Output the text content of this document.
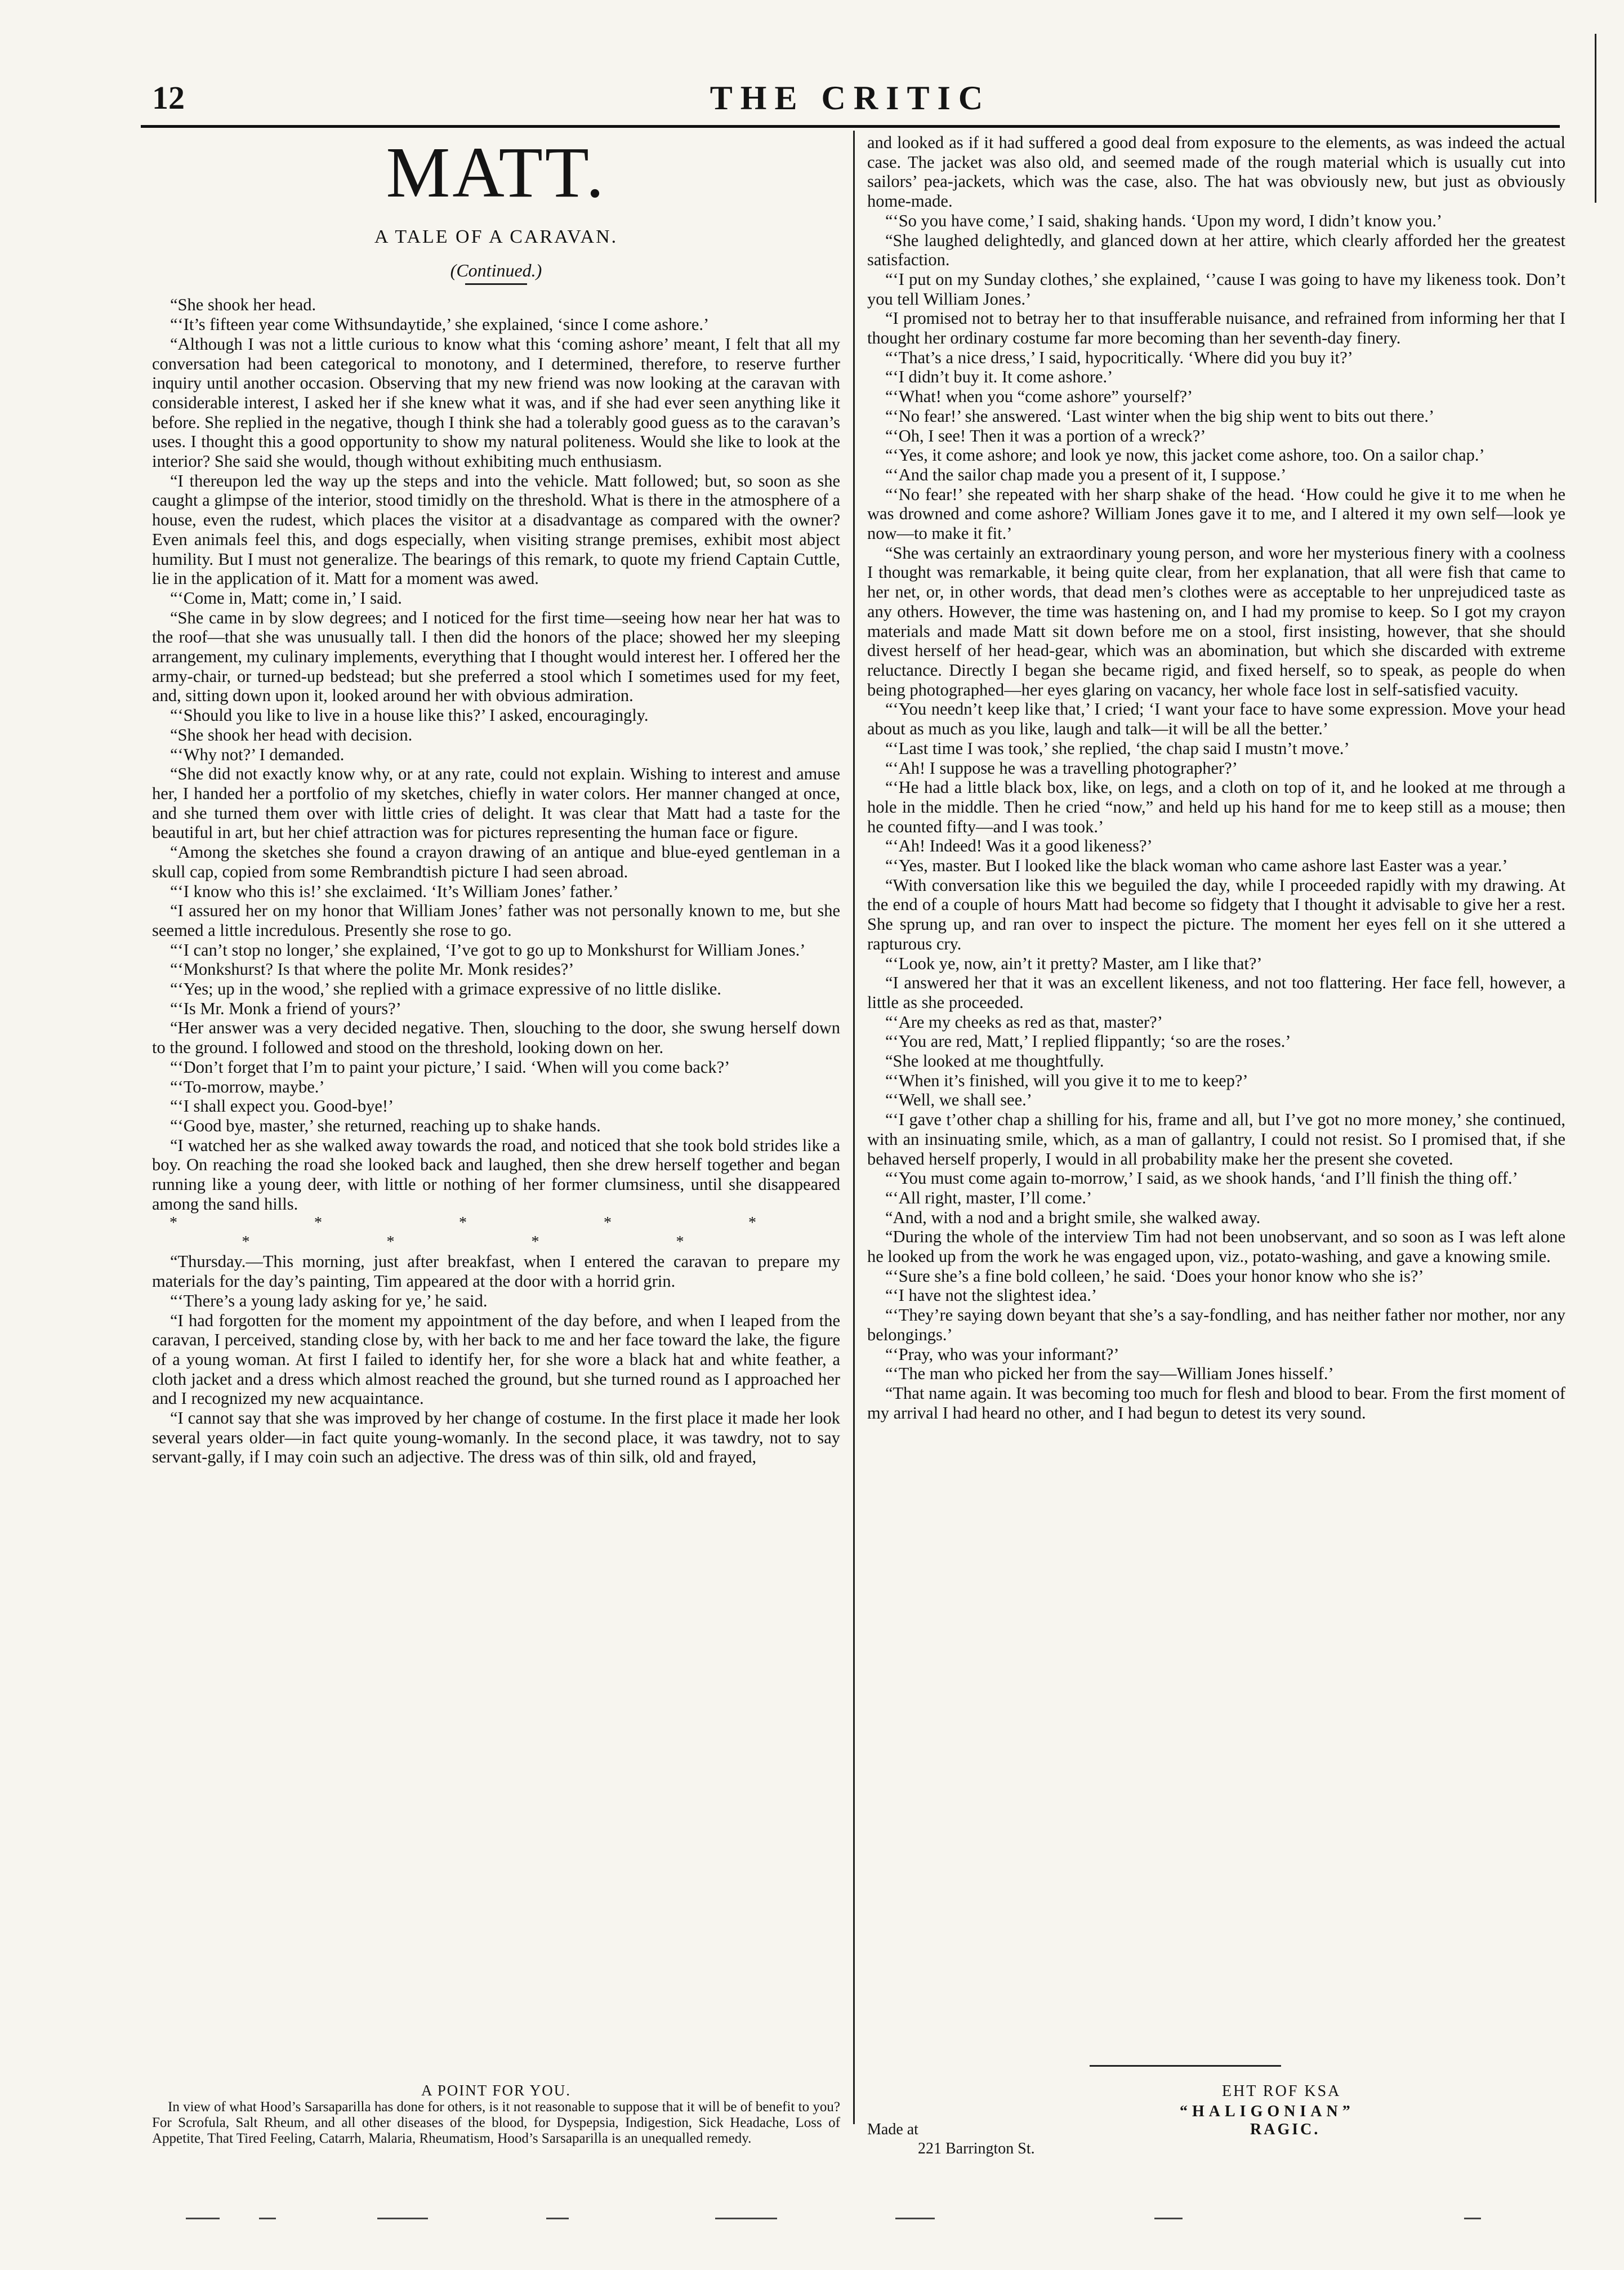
12	THE CRITIC
MATT.
A TALE OF A CARAVAN.

(Continued.)

“She shook her head.

“‘It’s fifteen year come Withsundaytide,’ she explained, ‘since I come ashore.’

“Although I was not a little curious to know what this ‘coming ashore’ meant, I felt that all my conversation had been categorical to monotony, and I determined, therefore, to reserve further inquiry until another occasion. Observing that my new friend was now looking at the caravan with considerable interest, I asked her if she knew what it was, and if she had ever seen anything like it before. She replied in the negative, though I think she had a tolerably good guess as to the caravan’s uses. I thought this a good opportunity to show my natural politeness. Would she like to look at the interior? She said she would, though without exhibiting much enthusiasm.

“I thereupon led the way up the steps and into the vehicle. Matt followed; but, so soon as she caught a glimpse of the interior, stood timidly on the threshold. What is there in the atmosphere of a house, even the rudest, which places the visitor at a disadvantage as compared with the owner? Even animals feel this, and dogs especially, when visiting strange premises, exhibit most abject humility. But I must not generalize. The bearings of this remark, to quote my friend Captain Cuttle, lie in the application of it. Matt for a moment was awed.

“‘Come in, Matt; come in,’ I said.

“She came in by slow degrees; and I noticed for the first time—seeing how near her hat was to the roof—that she was unusually tall. I then did the honors of the place; showed her my sleeping arrangement, my culinary implements, everything that I thought would interest her. I offered her the army-chair, or turned-up bedstead; but she preferred a stool which I sometimes used for my feet, and, sitting down upon it, looked around her with obvious admiration.

“‘Should you like to live in a house like this?’ I asked, encouragingly.

“She shook her head with decision.

“‘Why not?’ I demanded.

“She did not exactly know why, or at any rate, could not explain. Wishing to interest and amuse her, I handed her a portfolio of my sketches, chiefly in water colors. Her manner changed at once, and she turned them over with little cries of delight. It was clear that Matt had a taste for the beautiful in art, but her chief attraction was for pictures representing the human face or figure.

“Among the sketches she found a crayon drawing of an antique and blue-eyed gentleman in a skull cap, copied from some Rembrandtish picture I had seen abroad.

“‘I know who this is!’ she exclaimed. ‘It’s William Jones’ father.’

“I assured her on my honor that William Jones’ father was not personally known to me, but she seemed a little incredulous. Presently she rose to go.

“‘I can’t stop no longer,’ she explained, ‘I’ve got to go up to Monkshurst for William Jones.’

“‘Monkshurst? Is that where the polite Mr. Monk resides?’

“‘Yes; up in the wood,’ she replied with a grimace expressive of no little dislike.

“‘Is Mr. Monk a friend of yours?’

“Her answer was a very decided negative. Then, slouching to the door, she swung herself down to the ground. I followed and stood on the threshold, looking down on her.

“‘Don’t forget that I’m to paint your picture,’ I said. ‘When will you come back?’

“‘To-morrow, maybe.’

“‘I shall expect you. Good-bye!’

“‘Good bye, master,’ she returned, reaching up to shake hands.

“I watched her as she walked away towards the road, and noticed that she took bold strides like a boy. On reaching the road she looked back and laughed, then she drew herself together and began running like a young deer, with little or nothing of her former clumsiness, until she disappeared among the sand hills.

* * * * * * * * *

“Thursday.—This morning, just after breakfast, when I entered the caravan to prepare my materials for the day’s painting, Tim appeared at the door with a horrid grin.

“‘There’s a young lady asking for ye,’ he said.

“I had forgotten for the moment my appointment of the day before, and when I leaped from the caravan, I perceived, standing close by, with her back to me and her face toward the lake, the figure of a young woman. At first I failed to identify her, for she wore a black hat and white feather, a cloth jacket and a dress which almost reached the ground, but she turned round as I approached her and I recognized my new acquaintance.

“I cannot say that she was improved by her change of costume. In the first place it made her look several years older—in fact quite young-womanly. In the second place, it was tawdry, not to say servant-gally, if I may coin such an adjective. The dress was of thin silk, old and frayed,

and looked as if it had suffered a good deal from exposure to the elements, as was indeed the actual case. The jacket was also old, and seemed made of the rough material which is usually cut into sailors’ pea-jackets, which was the case, also. The hat was obviously new, but just as obviously home-made.

“‘So you have come,’ I said, shaking hands. ‘Upon my word, I didn’t know you.’

“She laughed delightedly, and glanced down at her attire, which clearly afforded her the greatest satisfaction.

“‘I put on my Sunday clothes,’ she explained, ‘’cause I was going to have my likeness took. Don’t you tell William Jones.’

“I promised not to betray her to that insufferable nuisance, and refrained from informing her that I thought her ordinary costume far more becoming than her seventh-day finery.

“‘That’s a nice dress,’ I said, hypocritically. ‘Where did you buy it?’

“‘I didn’t buy it. It come ashore.’

“‘What! when you “come ashore” yourself?’

“‘No fear!’ she answered. ‘Last winter when the big ship went to bits out there.’

“‘Oh, I see! Then it was a portion of a wreck?’

“‘Yes, it come ashore; and look ye now, this jacket come ashore, too. On a sailor chap.’

“‘And the sailor chap made you a present of it, I suppose.’

“‘No fear!’ she repeated with her sharp shake of the head. ‘How could he give it to me when he was drowned and come ashore? William Jones gave it to me, and I altered it my own self—look ye now—to make it fit.’

“She was certainly an extraordinary young person, and wore her mysterious finery with a coolness I thought was remarkable, it being quite clear, from her explanation, that all were fish that came to her net, or, in other words, that dead men’s clothes were as acceptable to her unprejudiced taste as any others. However, the time was hastening on, and I had my promise to keep. So I got my crayon materials and made Matt sit down before me on a stool, first insisting, however, that she should divest herself of her head-gear, which was an abomination, but which she discarded with extreme reluctance. Directly I began she became rigid, and fixed herself, so to speak, as people do when being photographed—her eyes glaring on vacancy, her whole face lost in self-satisfied vacuity.

“‘You needn’t keep like that,’ I cried; ‘I want your face to have some expression. Move your head about as much as you like, laugh and talk—it will be all the better.’

“‘Last time I was took,’ she replied, ‘the chap said I mustn’t move.’

“‘Ah! I suppose he was a travelling photographer?’

“‘He had a little black box, like, on legs, and a cloth on top of it, and he looked at me through a hole in the middle. Then he cried “now,” and held up his hand for me to keep still as a mouse; then he counted fifty—and I was took.’

“‘Ah! Indeed! Was it a good likeness?’

“‘Yes, master. But I looked like the black woman who came ashore last Easter was a year.’

“With conversation like this we beguiled the day, while I proceeded rapidly with my drawing. At the end of a couple of hours Matt had become so fidgety that I thought it advisable to give her a rest. She sprung up, and ran over to inspect the picture. The moment her eyes fell on it she uttered a rapturous cry.

“‘Look ye, now, ain’t it pretty? Master, am I like that?’

“I answered her that it was an excellent likeness, and not too flattering. Her face fell, however, a little as she proceeded.

“‘Are my cheeks as red as that, master?’

“‘You are red, Matt,’ I replied flippantly; ‘so are the roses.’

“She looked at me thoughtfully.

“‘When it’s finished, will you give it to me to keep?’

“‘Well, we shall see.’

“‘I gave t’other chap a shilling for his, frame and all, but I’ve got no more money,’ she continued, with an insinuating smile, which, as a man of gallantry, I could not resist. So I promised that, if she behaved herself properly, I would in all probability make her the present she coveted.

“‘You must come again to-morrow,’ I said, as we shook hands, ‘and I’ll finish the thing off.’

“‘All right, master, I’ll come.’

“And, with a nod and a bright smile, she walked away.

“During the whole of the interview Tim had not been unobservant, and so soon as I was left alone he looked up from the work he was engaged upon, viz., potato-washing, and gave a knowing smile.

“‘Sure she’s a fine bold colleen,’ he said. ‘Does your honor know who she is?’

“‘I have not the slightest idea.’

“‘They’re saying down beyant that she’s a say-fondling, and has neither father nor mother, nor any belongings.’

“‘Pray, who was your informant?’

“‘The man who picked her from the say—William Jones hisself.’

“That name again. It was becoming too much for flesh and blood to bear. From the first moment of my arrival I had heard no other, and I had begun to detest its very sound.

A POINT FOR YOU.

In view of what Hood’s Sarsaparilla has done for others, is it not reasonable to suppose that it will be of benefit to you? For Scrofula, Salt Rheum, and all other diseases of the blood, for Dyspepsia, Indigestion, Sick Headache, Loss of Appetite, That Tired Feeling, Catarrh, Malaria, Rheumatism, Hood’s Sarsaparilla is an unequalled remedy.

EHT ROF KSA
“HALIGONIAN”
Made at	RAGIC.
221 Barrington St.
